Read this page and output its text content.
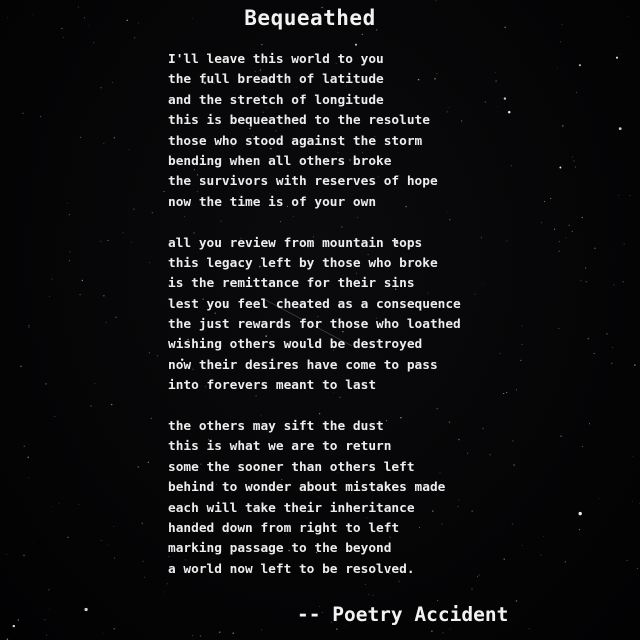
Bequeathed
I'll leave this world to you
the full breadth of latitude
and the stretch of longitude
this is bequeathed to the resolute
those who stood against the storm
bending when all others broke
the survivors with reserves of hope
now the time is of your own
all you review from mountain tops
this legacy left by those who broke
is the remittance for their sins
lest you feel cheated as a consequence
the just rewards for those who loathed
wishing others would be destroyed
now their desires have come to pass
into forevers meant to last
the others may sift the dust
this is what we are to return
some the sooner than others left
behind to wonder about mistakes made
each will take their inheritance
handed down from right to left
marking passage to the beyond
a world now left to be resolved.
-- Poetry Accident
